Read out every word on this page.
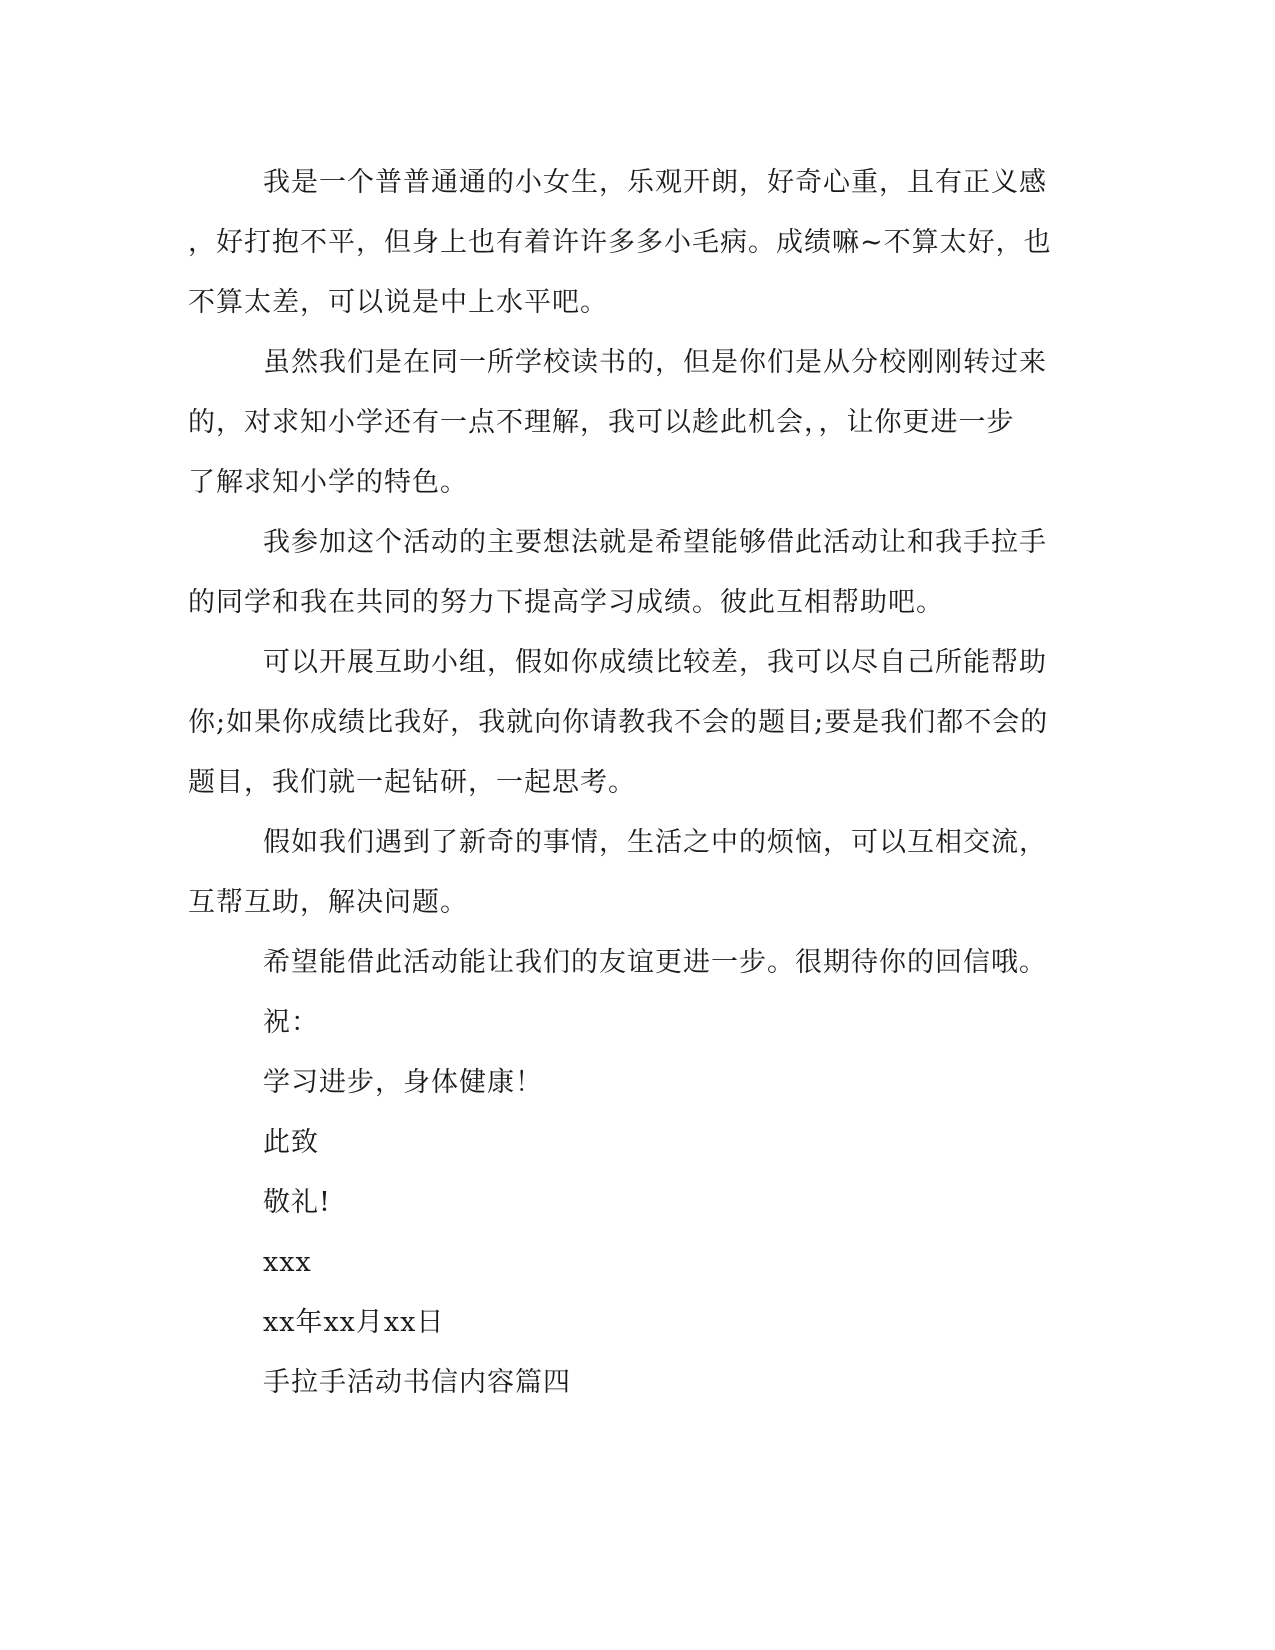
我是一个普普通通的小女生，乐观开朗，好奇心重，且有正义感
，好打抱不平，但身上也有着许许多多小毛病。成绩嘛~不算太好，也
不算太差，可以说是中上水平吧。
虽然我们是在同一所学校读书的，但是你们是从分校刚刚转过来
的，对求知小学还有一点不理解，我可以趁此机会，，让你更进一步
了解求知小学的特色。
我参加这个活动的主要想法就是希望能够借此活动让和我手拉手
的同学和我在共同的努力下提高学习成绩。彼此互相帮助吧。
可以开展互助小组，假如你成绩比较差，我可以尽自己所能帮助
你;如果你成绩比我好，我就向你请教我不会的题目;要是我们都不会的
题目，我们就一起钻研，一起思考。
假如我们遇到了新奇的事情，生活之中的烦恼，可以互相交流，
互帮互助，解决问题。
希望能借此活动能让我们的友谊更进一步。很期待你的回信哦。
祝：
学习进步，身体健康！
此致
敬礼!
xxx
xx年xx月xx日
手拉手活动书信内容篇四
